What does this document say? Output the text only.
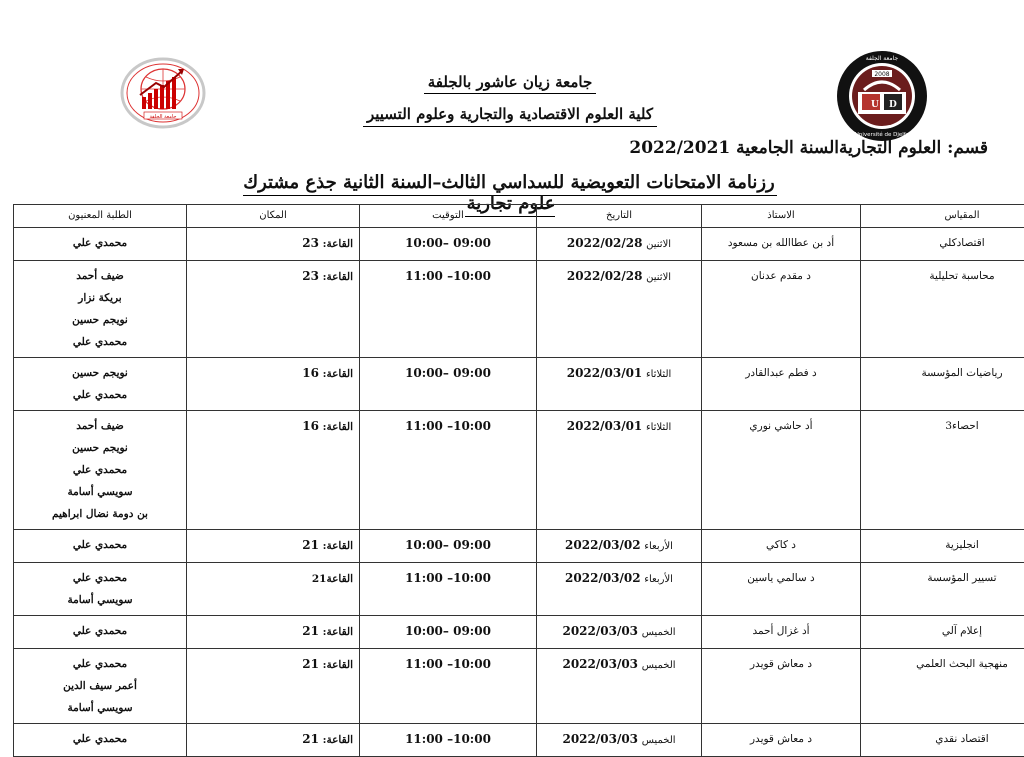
U D
2008
جامعة الجلفة
Université de Djelfa
جامعة الجلفة
جامعة زيان عاشور بالجلفة
كلية العلوم الاقتصادية والتجارية وعلوم التسيير
قسم: العلوم التجاريةالسنة الجامعية 2022/2021
رزنامة الامتحانات التعويضية للسداسي الثالث–السنة الثانية جذع مشترك علوم تجارية
المقياس	الاستاذ	التاريخ	التوقيت	المكان	الطلبة المعنيون
اقتصادكلي	أد بن عطاالله بن مسعود	الاثنين 2022/02/28	09:00 –10:00	القاعة: 23	محمدي علي

محاسبة تحليلية	د مقدم عدنان	الاثنين 2022/02/28	10:00– 11:00	القاعة: 23	ضيف أحمد
بريكة نزار
نويجم حسين
محمدي علي

رياضيات المؤسسة	د فطم عبدالقادر	الثلاثاء 2022/03/01	09:00 –10:00	القاعة: 16	نويجم حسين
محمدي علي

احصاء3	أد حاشي نوري	الثلاثاء 2022/03/01	10:00– 11:00	القاعة: 16	ضيف أحمد
نويجم حسين
محمدي علي
سويسي أسامة
بن دومة نضال ابراهيم

انجليزية	د كاكي	الأربعاء 2022/03/02	09:00 –10:00	القاعة: 21	محمدي علي

تسيير المؤسسة	د سالمي ياسين	الأربعاء 2022/03/02	10:00– 11:00	القاعة21	محمدي علي
سويسي أسامة

إعلام آلي	أد غزال أحمد	الخميس 2022/03/03	09:00 –10:00	القاعة: 21	محمدي علي

منهجية البحث العلمي	د معاش قويدر	الخميس 2022/03/03	10:00– 11:00	القاعة: 21	محمدي علي
أعمر سيف الدين
سويسي أسامة

اقتصاد نقدي	د معاش قويدر	الخميس 2022/03/03	10:00– 11:00	القاعة: 21	محمدي علي
